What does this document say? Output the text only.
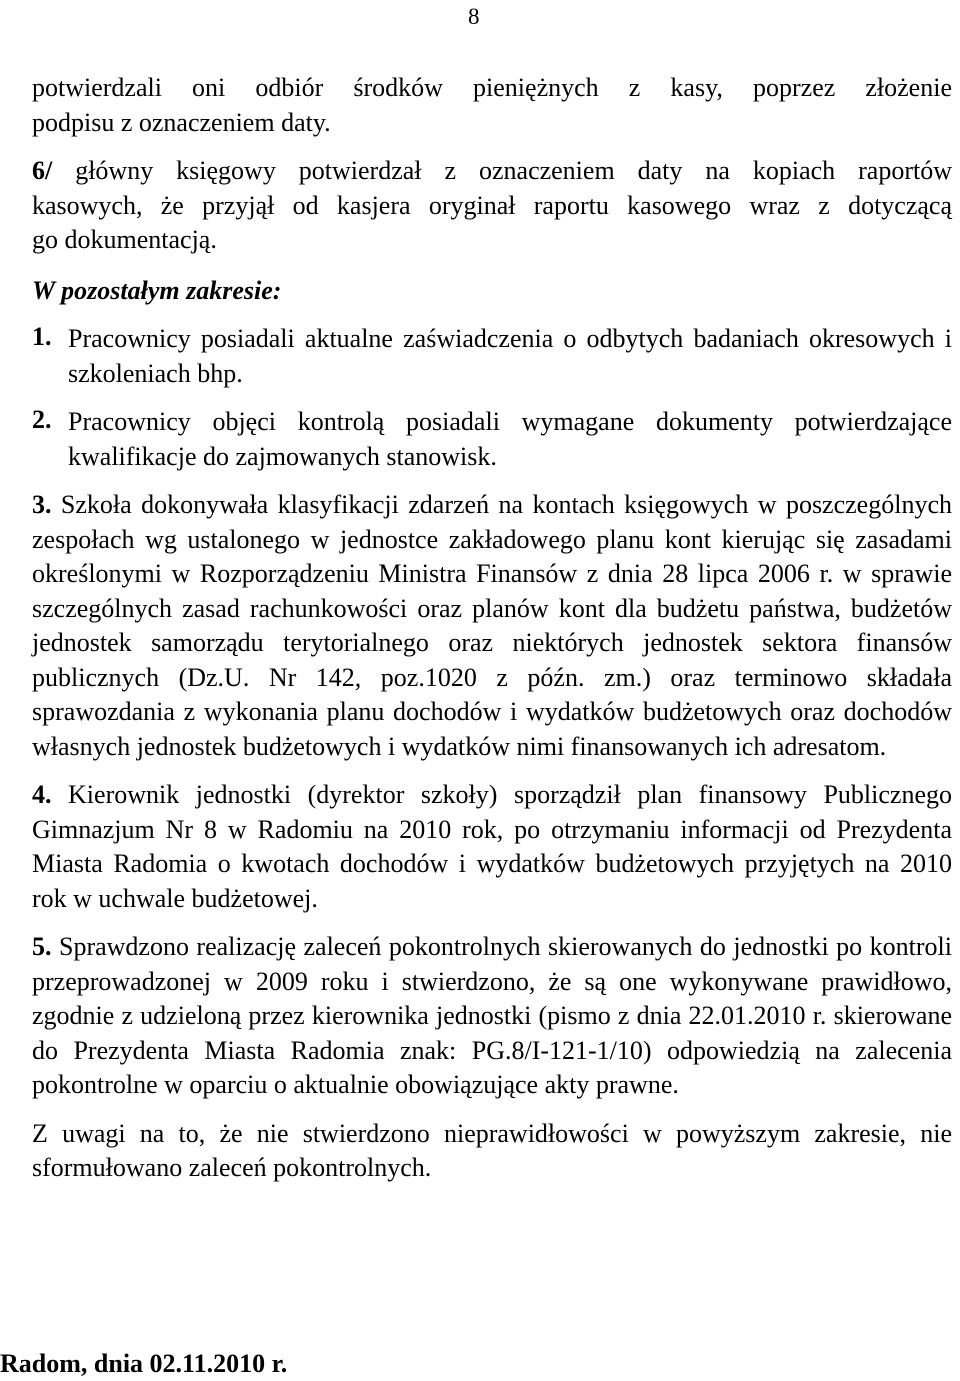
8

potwierdzali oni odbiór środków pieniężnych z kasy, poprzez złożenie

podpisu z oznaczeniem daty.

6/ główny księgowy potwierdzał z oznaczeniem daty na kopiach raportów

kasowych, że przyjął od kasjera oryginał raportu kasowego wraz z dotyczącą

go dokumentacją.

W pozostałym zakresie:

1. Pracownicy posiadali aktualne zaświadczenia o odbytych badaniach okresowych i szkoleniach bhp.
2. Pracownicy objęci kontrolą posiadali wymagane dokumenty potwierdzające kwalifikacje do zajmowanych stanowisk.

3. Szkoła dokonywała klasyfikacji zdarzeń na kontach księgowych w poszczególnych zespołach wg ustalonego w jednostce zakładowego planu kont kierując się zasadami określonymi w Rozporządzeniu Ministra Finansów z dnia 28 lipca 2006 r. w sprawie szczególnych zasad rachunkowości oraz planów kont dla budżetu państwa, budżetów jednostek samorządu terytorialnego oraz niektórych jednostek sektora finansów publicznych (Dz.U. Nr 142, poz.1020 z późn. zm.) oraz terminowo składała sprawozdania z wykonania planu dochodów i wydatków budżetowych oraz dochodów własnych jednostek budżetowych i wydatków nimi finansowanych ich adresatom.

4. Kierownik jednostki (dyrektor szkoły) sporządził plan finansowy Publicznego Gimnazjum Nr 8 w Radomiu na 2010 rok, po otrzymaniu informacji od Prezydenta Miasta Radomia o kwotach dochodów i wydatków budżetowych przyjętych na 2010 rok w uchwale budżetowej.

5. Sprawdzono realizację zaleceń pokontrolnych skierowanych do jednostki po kontroli przeprowadzonej w 2009 roku i stwierdzono, że są one wykonywane prawidłowo, zgodnie z udzieloną przez kierownika jednostki (pismo z dnia 22.01.2010 r. skierowane do Prezydenta Miasta Radomia znak: PG.8/I-121-1/10) odpowiedzią na zalecenia pokontrolne w oparciu o aktualnie obowiązujące akty prawne.

Z uwagi na to, że nie stwierdzono nieprawidłowości w powyższym zakresie, nie sformułowano zaleceń pokontrolnych.

Radom, dnia 02.11.2010 r.
